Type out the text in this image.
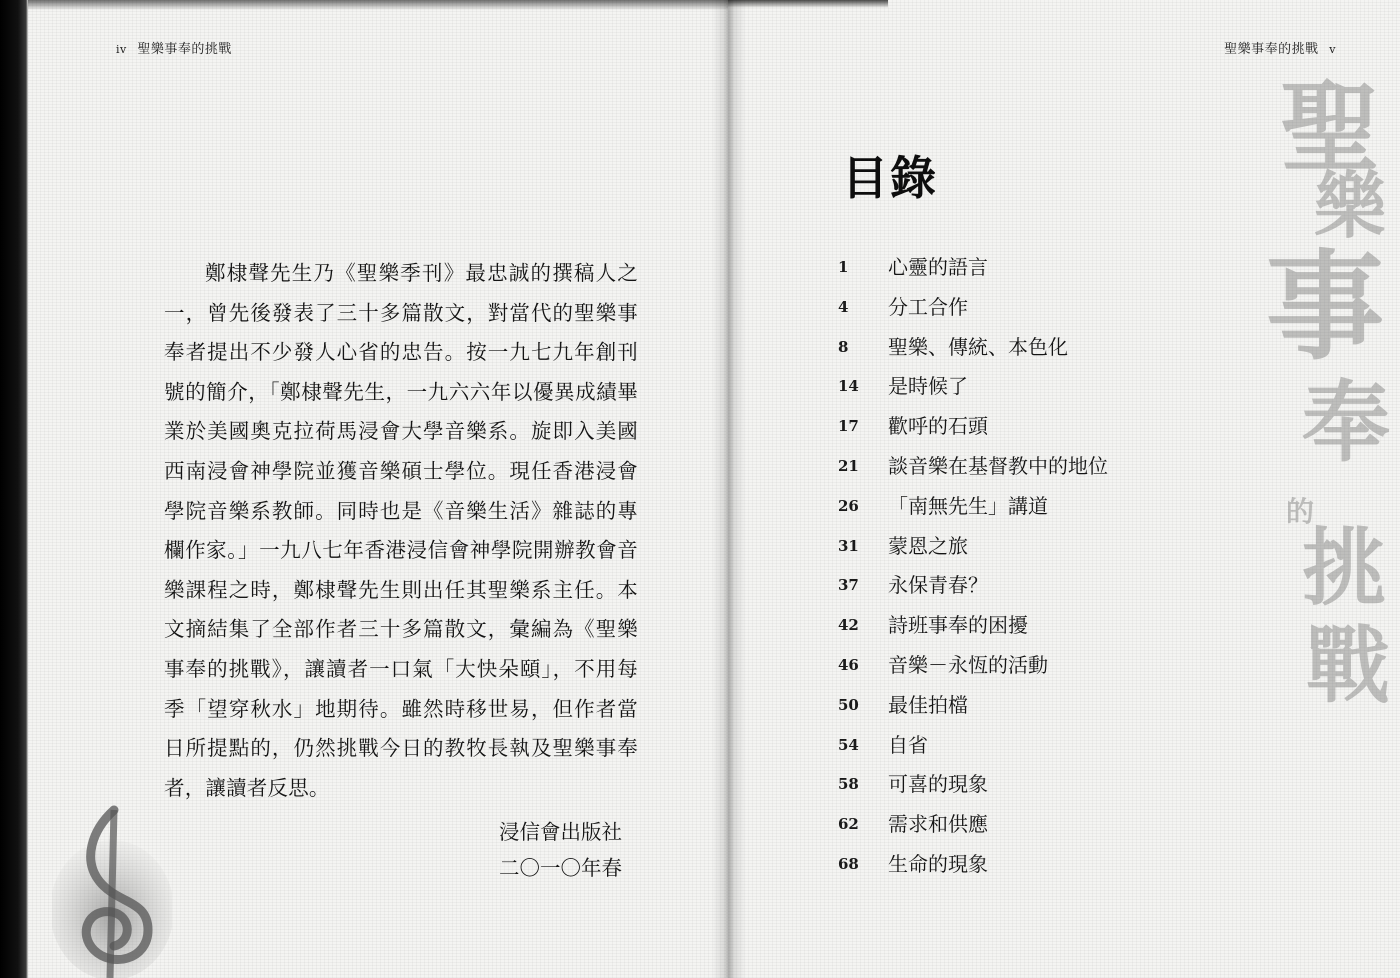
iv 聖樂事奉的挑戰

鄭棣聲先生乃《聖樂季刊》最忠誠的撰稿人之一，曾先後發表了三十多篇散文，對當代的聖樂事奉者提出不少發人心省的忠告。按一九七九年創刊號的簡介，「鄭棣聲先生，一九六六年以優異成績畢業於美國奧克拉荷馬浸會大學音樂系。旋即入美國西南浸會神學院並獲音樂碩士學位。現任香港浸會學院音樂系教師。同時也是《音樂生活》雜誌的專欄作家。」一九八七年香港浸信會神學院開辦教會音樂課程之時，鄭棣聲先生則出任其聖樂系主任。本文摘結集了全部作者三十多篇散文，彙編為《聖樂事奉的挑戰》，讓讀者一口氣「大快朵頤」，不用每季「望穿秋水」地期待。雖然時移世易，但作者當日所提點的，仍然挑戰今日的教牧長執及聖樂事奉者，讓讀者反思。

浸信會出版社
二〇一〇年春
聖樂事奉的挑戰 v
目錄
1	心靈的語言
4	分工合作
8	聖樂、傳統、本色化
14	是時候了
17	歡呼的石頭
21	談音樂在基督教中的地位
26	「南無先生」講道
31	蒙恩之旅
37	永保青春？
42	詩班事奉的困擾
46	音樂－永恆的活動
50	最佳拍檔
54	自省
58	可喜的現象
62	需求和供應
68	生命的現象
聖
樂
事
奉
的
挑
戰
